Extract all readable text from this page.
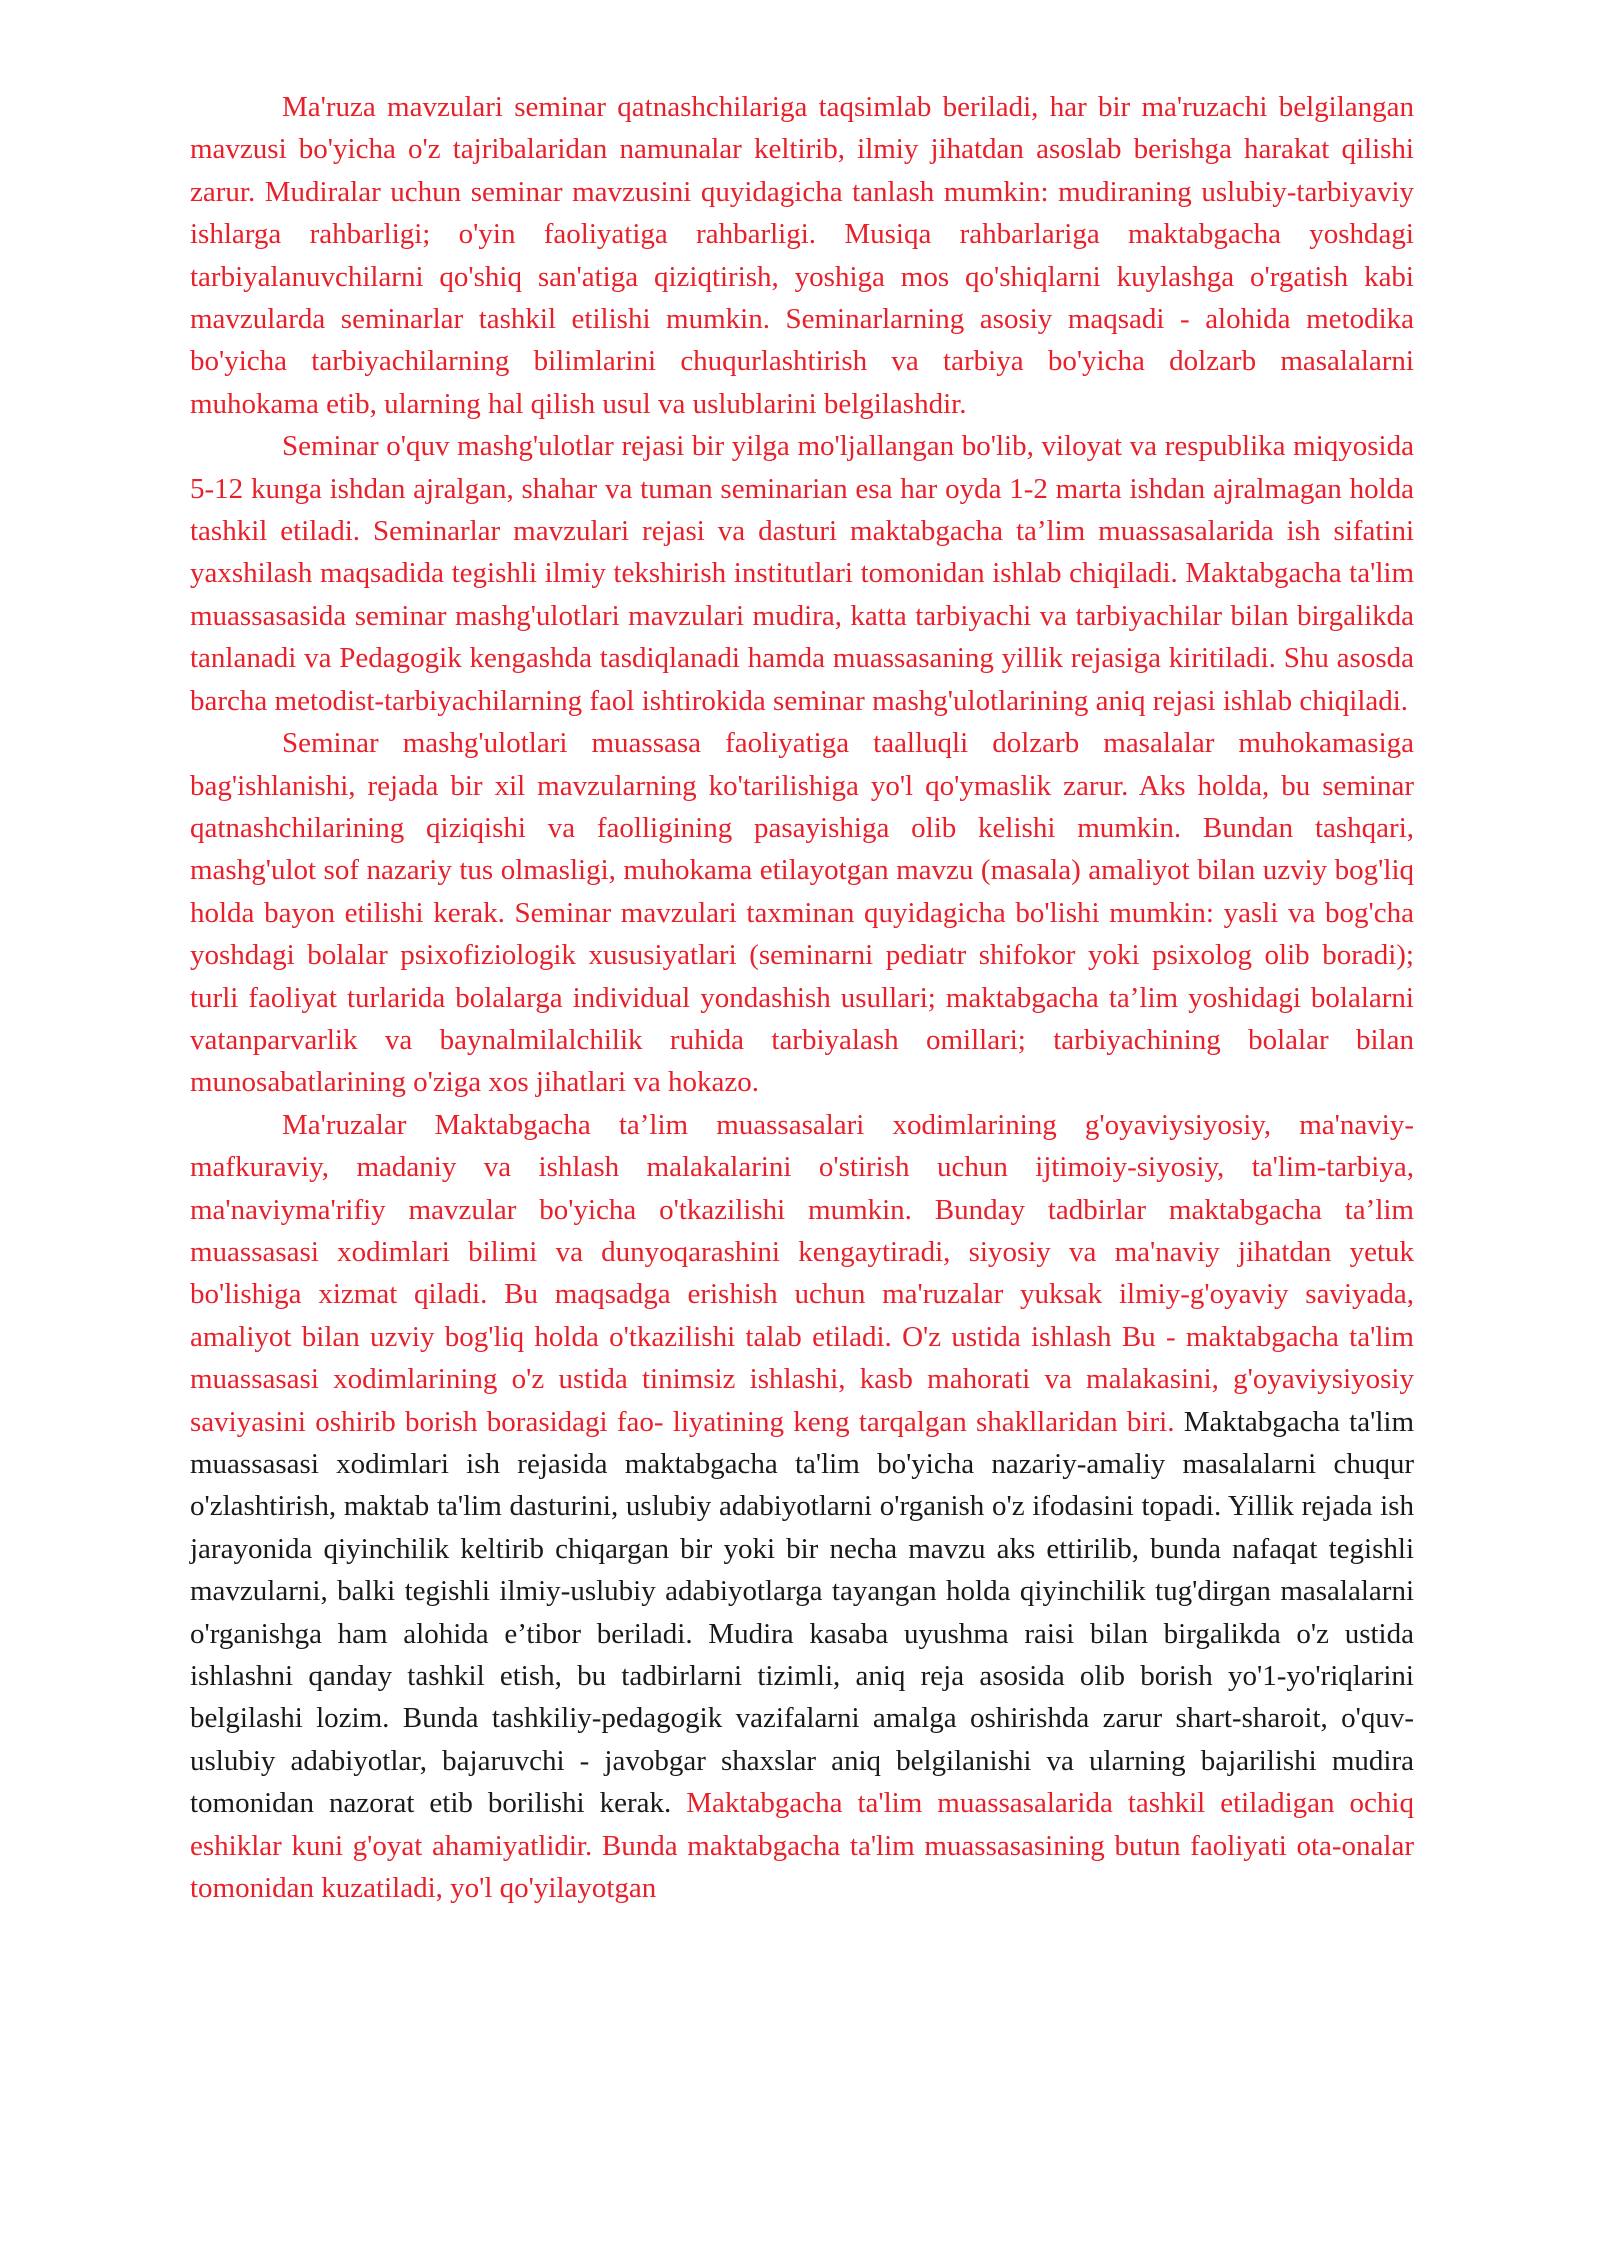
Ma'ruza mavzulari seminar qatnashchilariga taqsimlab beriladi, har bir ma'ruzachi belgilangan mavzusi bo'yicha o'z tajribalaridan namunalar keltirib, ilmiy jihatdan asoslab berishga harakat qilishi zarur. Mudiralar uchun seminar mavzusini quyidagicha tanlash mumkin: mudiraning uslubiy-tarbiyaviy ishlarga rahbarligi; o'yin faoliyatiga rahbarligi. Musiqa rahbarlariga maktabgacha yoshdagi tarbiyalanuvchilarni qo'shiq san'atiga qiziqtirish, yoshiga mos qo'shiqlarni kuylashga o'rgatish kabi mavzularda seminarlar tashkil etilishi mumkin. Seminarlarning asosiy maqsadi - alohida metodika bo'yicha tarbiyachilarning bilimlarini chuqurlashtirish va tarbiya bo'yicha dolzarb masalalarni muhokama etib, ularning hal qilish usul va uslublarini belgilashdir.

Seminar o'quv mashg'ulotlar rejasi bir yilga mo'ljallangan bo'lib, viloyat va respublika miqyosida 5-12 kunga ishdan ajralgan, shahar va tuman seminarian esa har oyda 1-2 marta ishdan ajralmagan holda tashkil etiladi. Seminarlar mavzulari rejasi va dasturi maktabgacha ta’lim muassasalarida ish sifatini yaxshilash maqsadida tegishli ilmiy tekshirish institutlari tomonidan ishlab chiqiladi. Maktabgacha ta'lim muassasasida seminar mashg'ulotlari mavzulari mudira, katta tarbiyachi va tarbiyachilar bilan birgalikda tanlanadi va Pedagogik kengashda tasdiqlanadi hamda muassasaning yillik rejasiga kiritiladi. Shu asosda barcha metodist-tarbiyachilarning faol ishtirokida seminar mashg'ulotlarining aniq rejasi ishlab chiqiladi.

Seminar mashg'ulotlari muassasa faoliyatiga taalluqli dolzarb masalalar muhokamasiga bag'ishlanishi, rejada bir xil mavzularning ko'tarilishiga yo'l qo'ymaslik zarur. Aks holda, bu seminar qatnashchilarining qiziqishi va faolligining pasayishiga olib kelishi mumkin. Bundan tashqari, mashg'ulot sof nazariy tus olmasligi, muhokama etilayotgan mavzu (masala) amaliyot bilan uzviy bog'liq holda bayon etilishi kerak. Seminar mavzulari taxminan quyidagicha bo'lishi mumkin: yasli va bog'cha yoshdagi bolalar psixofiziologik xususiyatlari (seminarni pediatr shifokor yoki psixolog olib boradi); turli faoliyat turlarida bolalarga individual yondashish usullari; maktabgacha ta’lim yoshidagi bolalarni vatanparvarlik va baynalmilalchilik ruhida tarbiyalash omillari; tarbiyachining bolalar bilan munosabatlarining o'ziga xos jihatlari va hokazo.

Ma'ruzalar Maktabgacha ta’lim muassasalari xodimlarining g'oyaviysiyosiy, ma'naviy-mafkuraviy, madaniy va ishlash malakalarini o'stirish uchun ijtimoiy-siyosiy, ta'lim-tarbiya, ma'naviyma'rifiy mavzular bo'yicha o'tkazilishi mumkin. Bunday tadbirlar maktabgacha ta’lim muassasasi xodimlari bilimi va dunyoqarashini kengaytiradi, siyosiy va ma'naviy jihatdan yetuk bo'lishiga xizmat qiladi. Bu maqsadga erishish uchun ma'ruzalar yuksak ilmiy-g'oyaviy saviyada, amaliyot bilan uzviy bog'liq holda o'tkazilishi talab etiladi. O'z ustida ishlash Bu - maktabgacha ta'lim muassasasi xodimlarining o'z ustida tinimsiz ishlashi, kasb mahorati va malakasini, g'oyaviysiyosiy saviyasini oshirib borish borasidagi fao- liyatining keng tarqalgan shakllaridan biri. Maktabgacha ta'lim muassasasi xodimlari ish rejasida maktabgacha ta'lim bo'yicha nazariy-amaliy masalalarni chuqur o'zlashtirish, maktab ta'lim dasturini, uslubiy adabiyotlarni o'rganish o'z ifodasini topadi. Yillik rejada ish jarayonida qiyinchilik keltirib chiqargan bir yoki bir necha mavzu aks ettirilib, bunda nafaqat tegishli mavzularni, balki tegishli ilmiy-uslubiy adabiyotlarga tayangan holda qiyinchilik tug'dirgan masalalarni o'rganishga ham alohida e’tibor beriladi. Mudira kasaba uyushma raisi bilan birgalikda o'z ustida ishlashni qanday tashkil etish, bu tadbirlarni tizimli, aniq reja asosida olib borish yo'1-yo'riqlarini belgilashi lozim. Bunda tashkiliy-pedagogik vazifalarni amalga oshirishda zarur shart-sharoit, o'quv-uslubiy adabiyotlar, bajaruvchi - javobgar shaxslar aniq belgilanishi va ularning bajarilishi mudira tomonidan nazorat etib borilishi kerak. Maktabgacha ta'lim muassasalarida tashkil etiladigan ochiq eshiklar kuni g'oyat ahamiyatlidir. Bunda maktabgacha ta'lim muassasasining butun faoliyati ota-onalar tomonidan kuzatiladi, yo'l qo'yilayotgan
